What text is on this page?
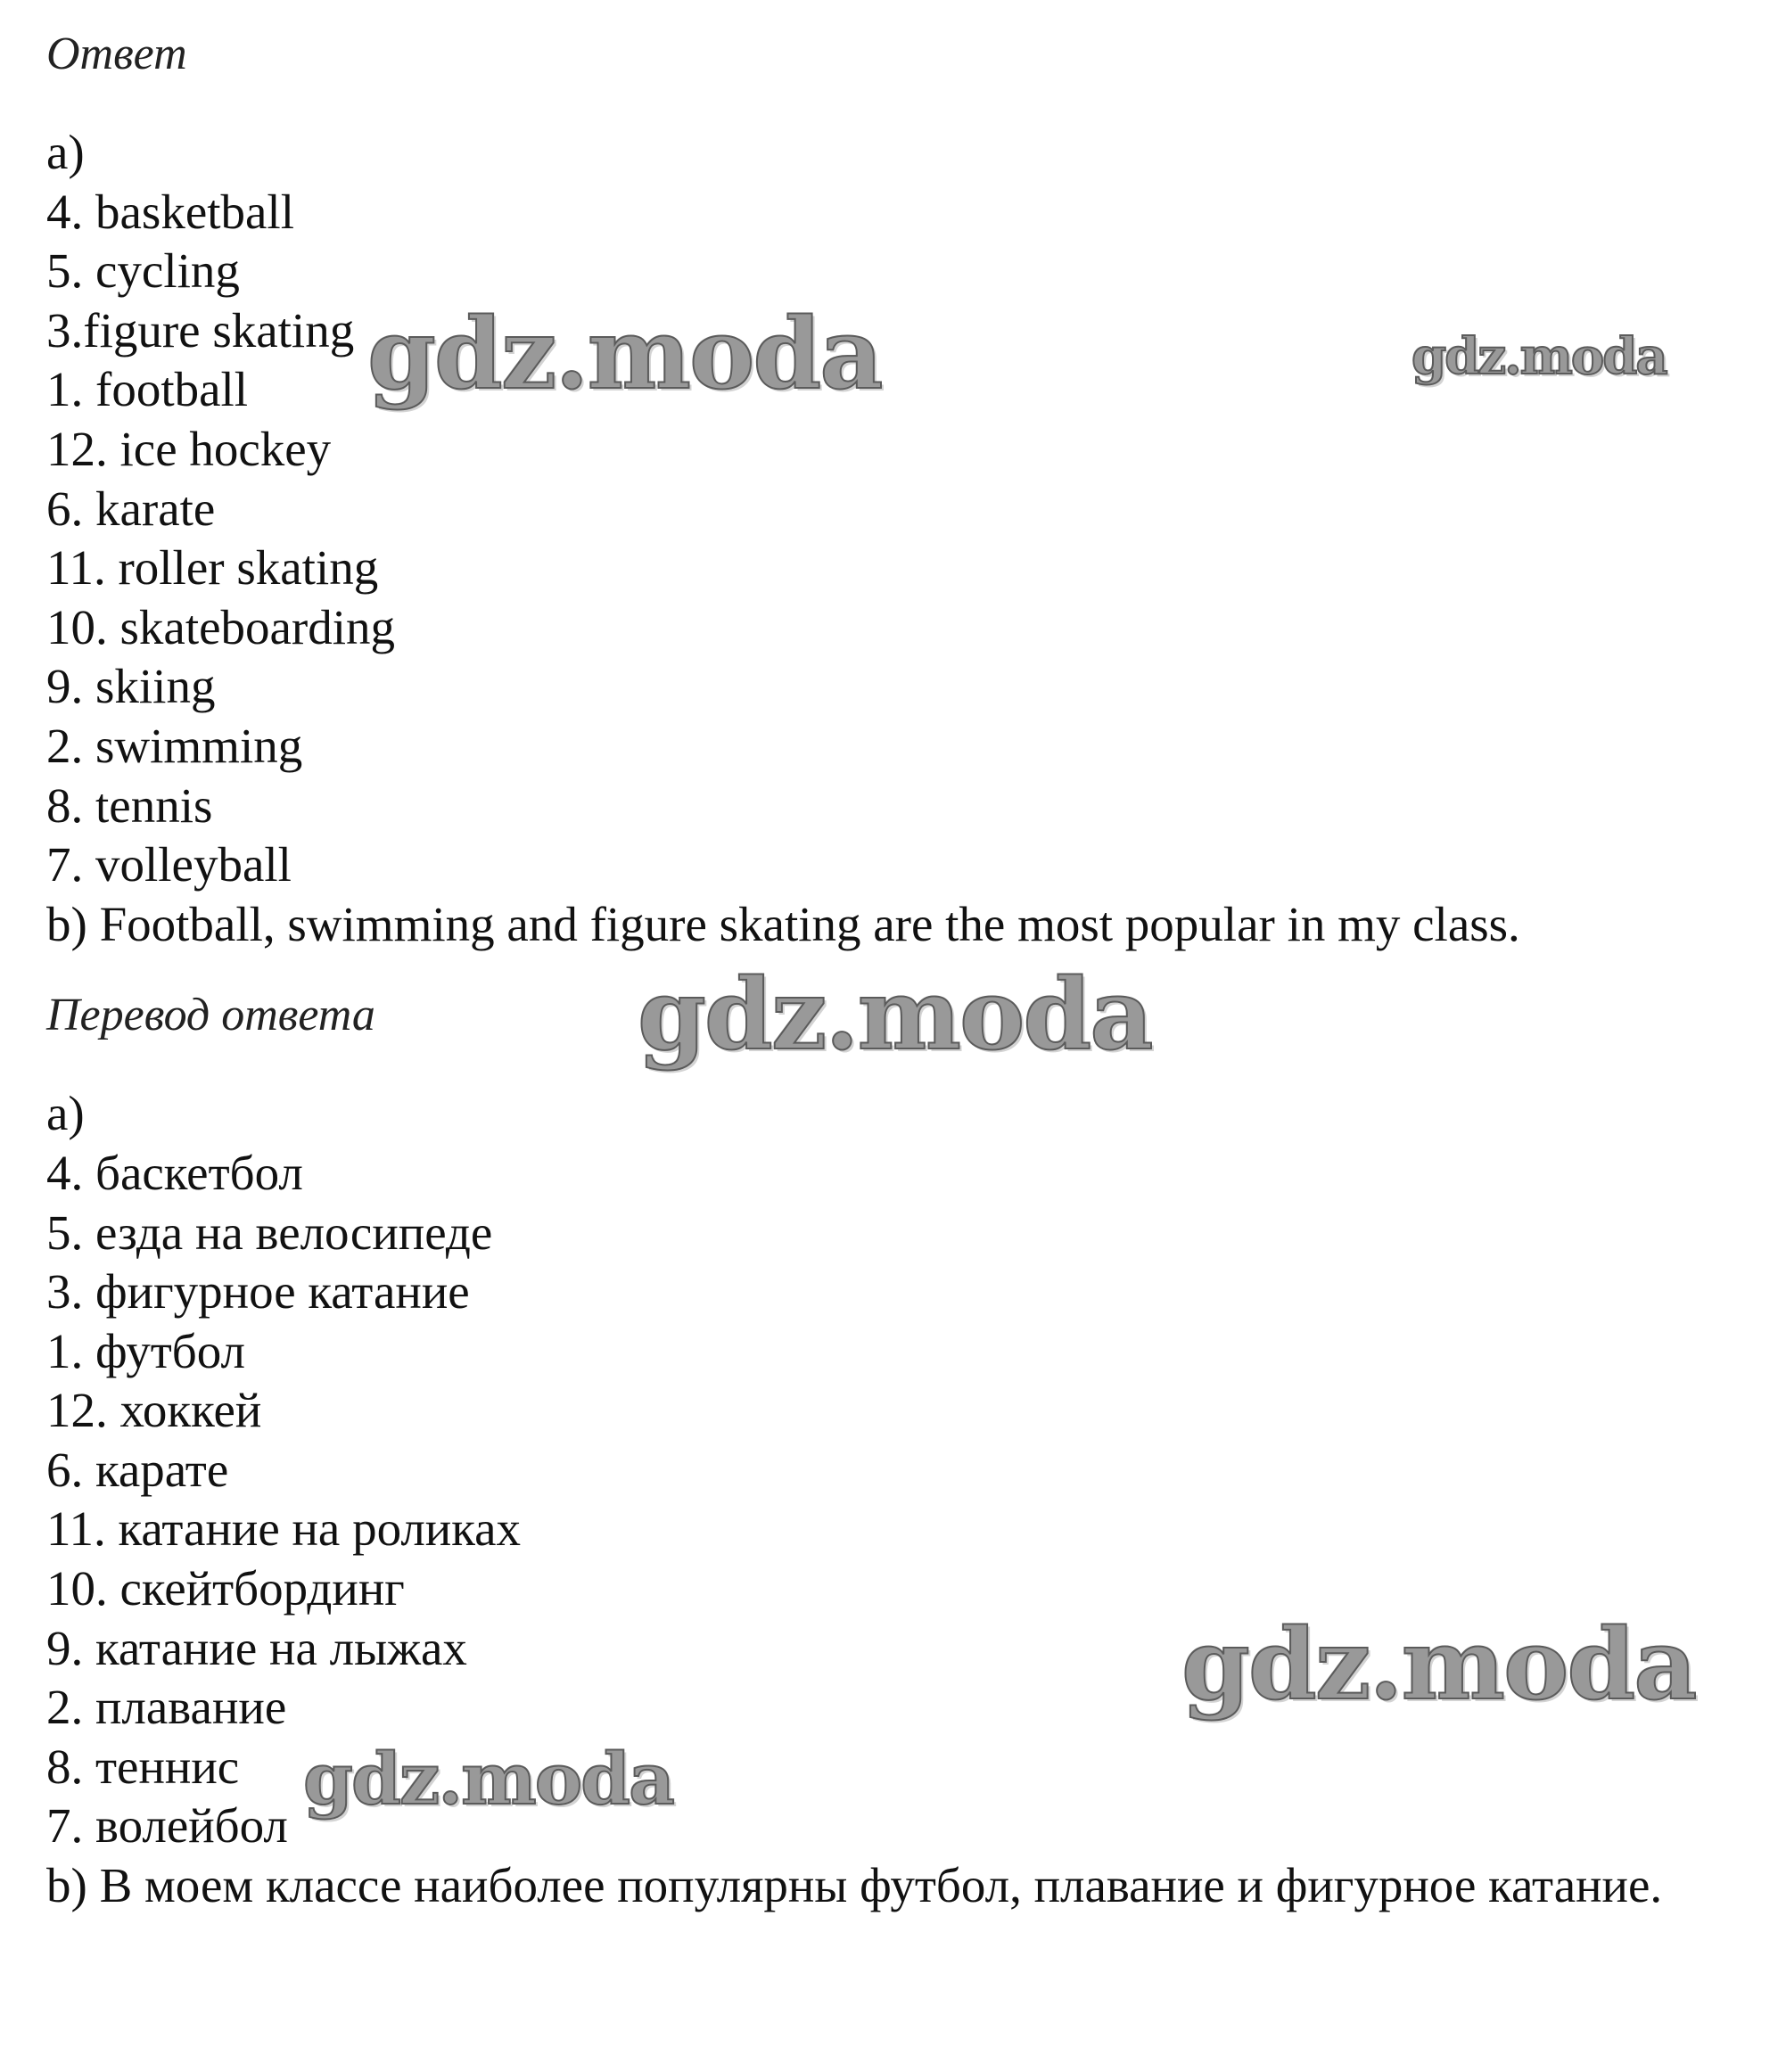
Ответ

а)

4. basketball

5. cycling

3.figure skating

1. football

12. ice hockey

6. karate

11. roller skating

10. skateboarding

9. skiing

2. swimming

8. tennis

7. volleyball

b) Football, swimming and figure skating are the most popular in my class.

Перевод ответа

а)

4. баскетбол

5. езда на велосипеде

3. фигурное катание

1. футбол

12. хоккей

6. карате

11. катание на роликах

10. скейтбординг

9. катание на лыжах

2. плавание

8. теннис

7. волейбол

b) В моем классе наиболее популярны футбол, плавание и фигурное катание.

gdz.moda	gdz.moda
gdz.moda
gdz.moda
gdz.moda
